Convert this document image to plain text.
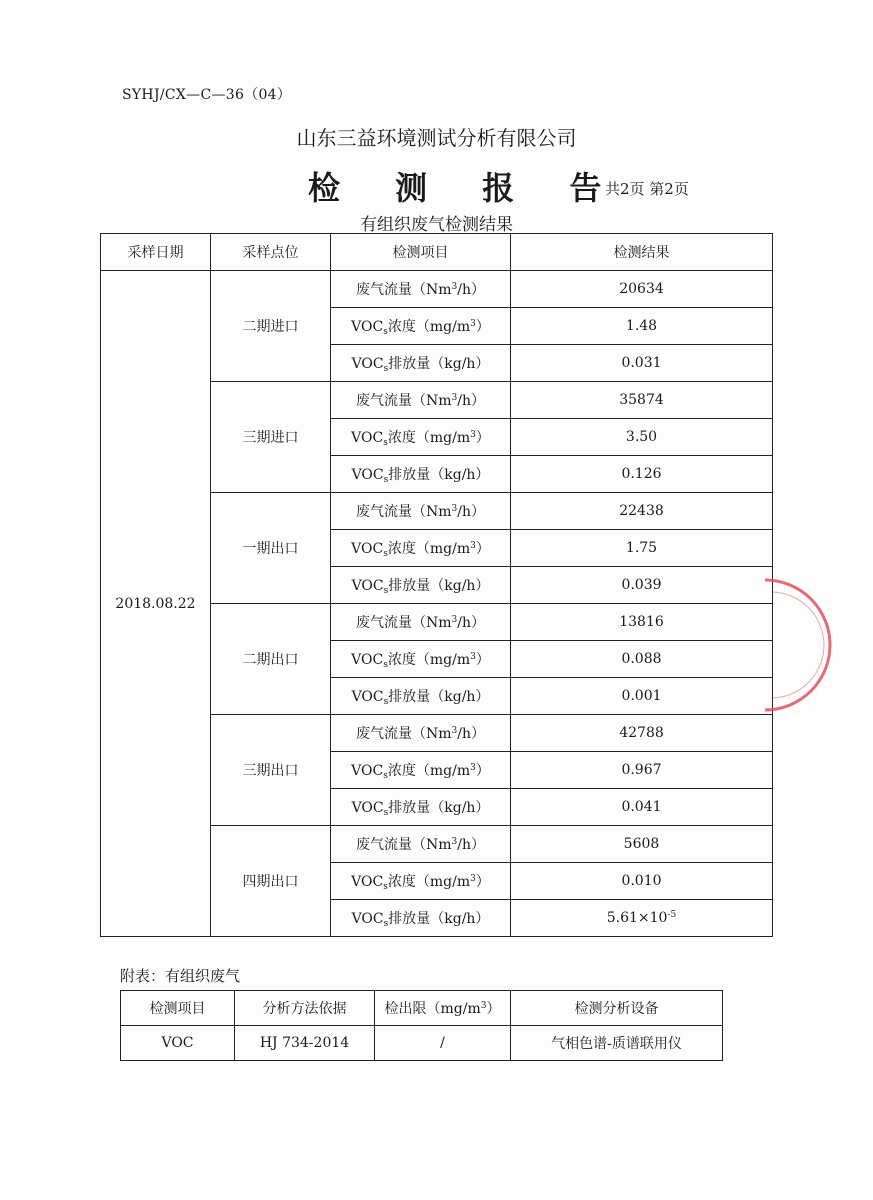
SYHJ/CX—C—36（04）
山东三益环境测试分析有限公司
检 测 报 告
共2页 第2页
有组织废气检测结果
采样日期	采样点位	检测项目	检测结果
2018.08.22	二期进口	废气流量（Nm$^3$/h）	20634
		$VOC_s$浓度$(mg/m^3)$	1.48
		$VOC_s$排放量（kg/h）	0.031
	三期进口	废气流量（Nm$^3$/h）	35874
		$VOC_s$浓度$(mg/m^3)$	3.50
		$VOC_s$排放量（kg/h）	0.126
	一期出口	废气流量（Nm$^3$/h）	22438
		$VOC_s$浓度$(mg/m^3)$	1.75
		$VOC_s$排放量（kg/h）	0.039
	二期出口	废气流量（Nm$^3$/h）	13816
		$VOC_s$浓度$(mg/m^3)$	0.088
		$VOC_s$排放量（kg/h）	0.001
	三期出口	废气流量（Nm$^3$/h）	42788
		$VOC_s$浓度$(mg/m^3)$	0.967
		$VOC_s$排放量（kg/h）	0.041
	四期出口	废气流量（Nm$^3$/h）	5608
		$VOC_s$浓度$(mg/m^3)$	0.010
		$VOC_s$排放量（kg/h）	$5.61\times 10^{-5}$
附表：有组织废气
检测项目	分析方法依据	检出限$(mg/m^3)$	检测分析设备
VOC	HJ 734-2014	/	气相色谱-质谱联用仪
